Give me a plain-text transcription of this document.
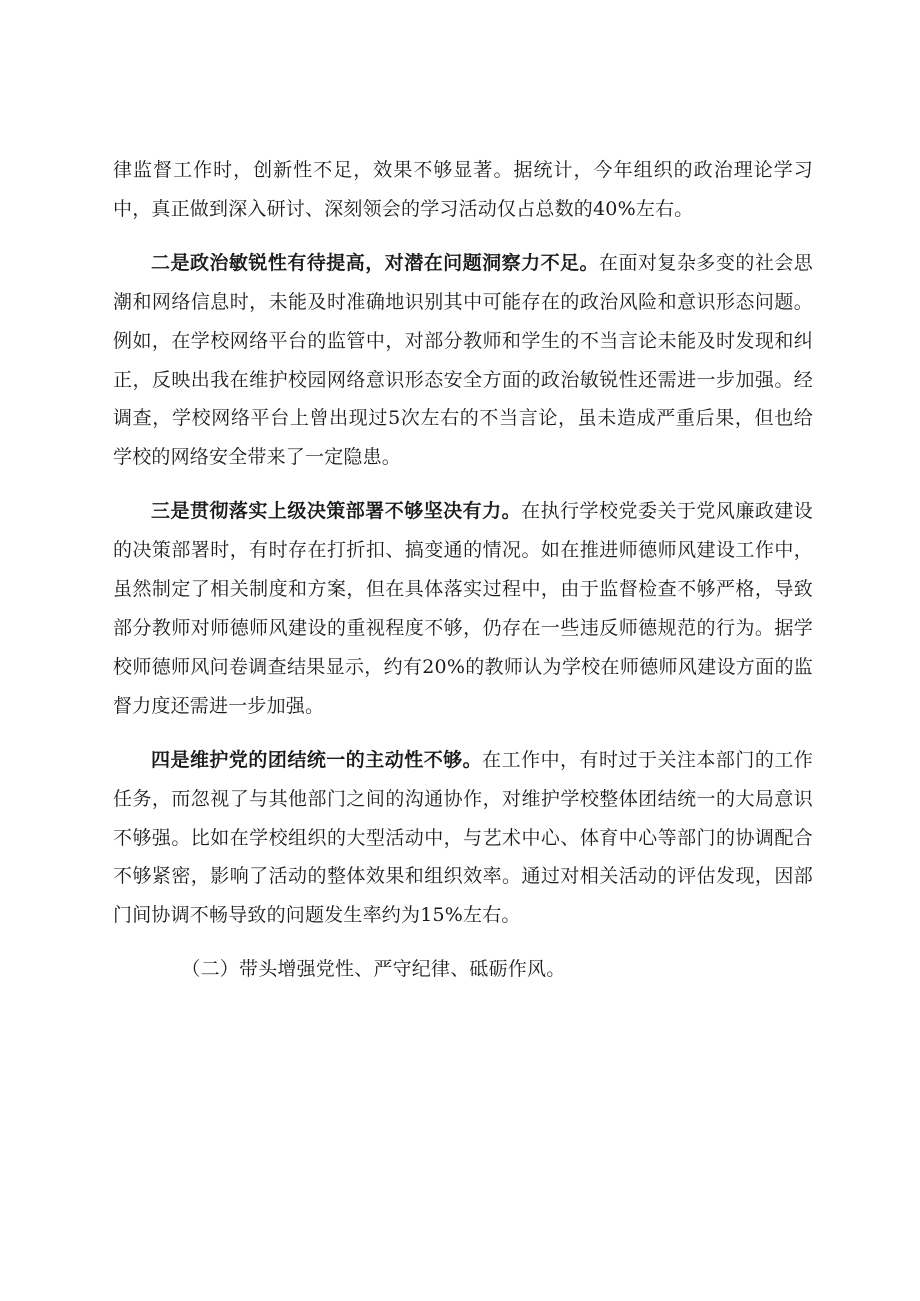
律监督工作时，创新性不足，效果不够显著。据统计，今年组织的政治理论学习中，真正做到深入研讨、深刻领会的学习活动仅占总数的40%左右。

二是政治敏锐性有待提高，对潜在问题洞察力不足。在面对复杂多变的社会思潮和网络信息时，未能及时准确地识别其中可能存在的政治风险和意识形态问题。例如，在学校网络平台的监管中，对部分教师和学生的不当言论未能及时发现和纠正，反映出我在维护校园网络意识形态安全方面的政治敏锐性还需进一步加强。经调查，学校网络平台上曾出现过5次左右的不当言论，虽未造成严重后果，但也给学校的网络安全带来了一定隐患。

三是贯彻落实上级决策部署不够坚决有力。在执行学校党委关于党风廉政建设的决策部署时，有时存在打折扣、搞变通的情况。如在推进师德师风建设工作中，虽然制定了相关制度和方案，但在具体落实过程中，由于监督检查不够严格，导致部分教师对师德师风建设的重视程度不够，仍存在一些违反师德规范的行为。据学校师德师风问卷调查结果显示，约有20%的教师认为学校在师德师风建设方面的监督力度还需进一步加强。

四是维护党的团结统一的主动性不够。在工作中，有时过于关注本部门的工作任务，而忽视了与其他部门之间的沟通协作，对维护学校整体团结统一的大局意识不够强。比如在学校组织的大型活动中，与艺术中心、体育中心等部门的协调配合不够紧密，影响了活动的整体效果和组织效率。通过对相关活动的评估发现，因部门间协调不畅导致的问题发生率约为15%左右。

（二）带头增强党性、严守纪律、砥砺作风。
